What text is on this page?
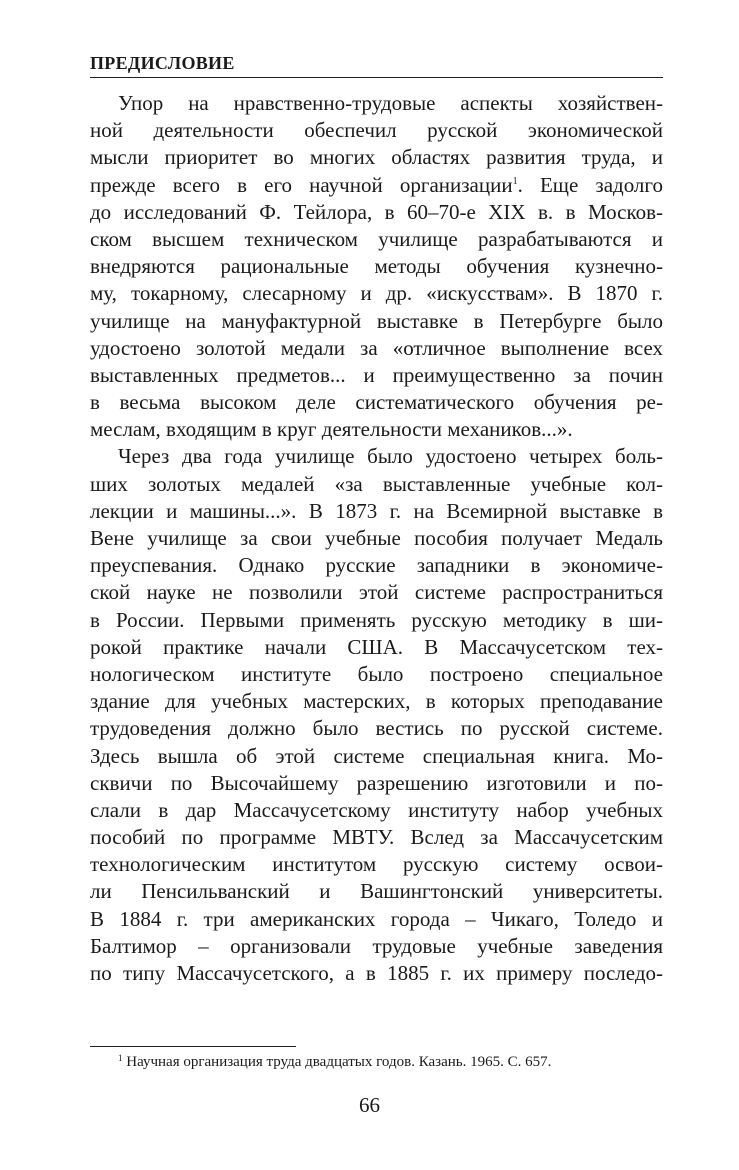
ПРЕДИСЛОВИЕ
Упор на нравственно-трудовые аспекты хозяйствен-
ной деятельности обеспечил русской экономической
мысли приоритет во многих областях развития труда, и
прежде всего в его научной организации$^1$. Еще задолго
до исследований Ф. Тейлора, в 60–70-е XIX в. в Москов-
ском высшем техническом училище разрабатываются и
внедряются рациональные методы обучения кузнечно-
му, токарному, слесарному и др. «искусствам». В 1870 г.
училище на мануфактурной выставке в Петербурге было
удостоено золотой медали за «отличное выполнение всех
выставленных предметов... и преимущественно за почин
в весьма высоком деле систематического обучения ре-
меслам, входящим в круг деятельности механиков...».
Через два года училище было удостоено четырех боль-
ших золотых медалей «за выставленные учебные кол-
лекции и машины...». В 1873 г. на Всемирной выставке в
Вене училище за свои учебные пособия получает Медаль
преуспевания. Однако русские западники в экономиче-
ской науке не позволили этой системе распространиться
в России. Первыми применять русскую методику в ши-
рокой практике начали США. В Массачусетском тех-
нологическом институте было построено специальное
здание для учебных мастерских, в которых преподавание
трудоведения должно было вестись по русской системе.
Здесь вышла об этой системе специальная книга. Мо-
сквичи по Высочайшему разрешению изготовили и по-
слали в дар Массачусетскому институту набор учебных
пособий по программе МВТУ. Вслед за Массачусетским
технологическим институтом русскую систему освои-
ли Пенсильванский и Вашингтонский университеты.
В 1884 г. три американских города – Чикаго, Толедо и
Балтимор – организовали трудовые учебные заведения
по типу Массачусетского, а в 1885 г. их примеру последо-
$^1$ Научная организация труда двадцатых годов. Казань. 1965. С. 657.
66
